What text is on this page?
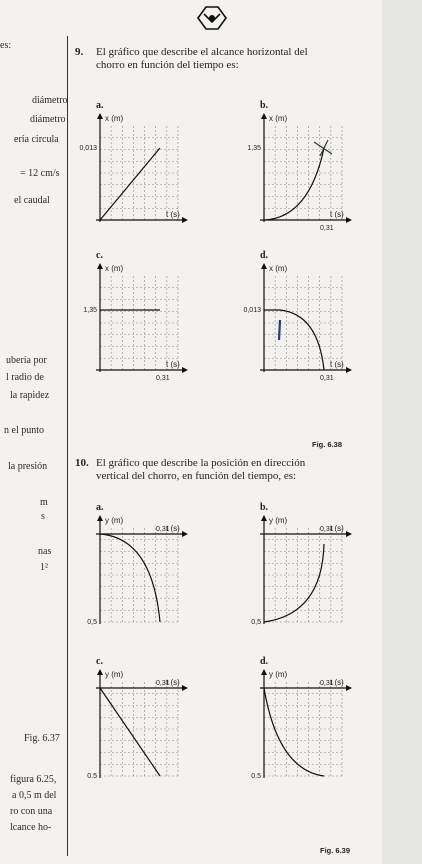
es:
diámetro
diámetro
ería circula
= 12 cm/s
el caudal
ubería por
l radio de
la rapidez
n el punto
la presión
m
s
nas
1²
Fig. 6.37
figura 6.25,
a 0,5 m del
ro con una
lcance ho-
9. El gráfico que describe el alcance horizontal del
chorro en función del tiempo es:
Fig. 6.38
10. El gráfico que describe la posición en dirección
vertical del chorro, en función del tiempo, es:
Fig. 6.39
a.
x (m)
t (s)
0,013
b.
x (m)
t (s)
1,35
0,31
c.
x (m)
t (s)
1,35
0,31
d.
x (m)
t (s)
0,013
0,31
a.
y (m)
t (s)
0,5
0,31
b.
y (m)
t (s)
0,5
0,31
c.
y (m)
t (s)
0.5
0,31
d.
y (m)
t (s)
0.5
0,31
